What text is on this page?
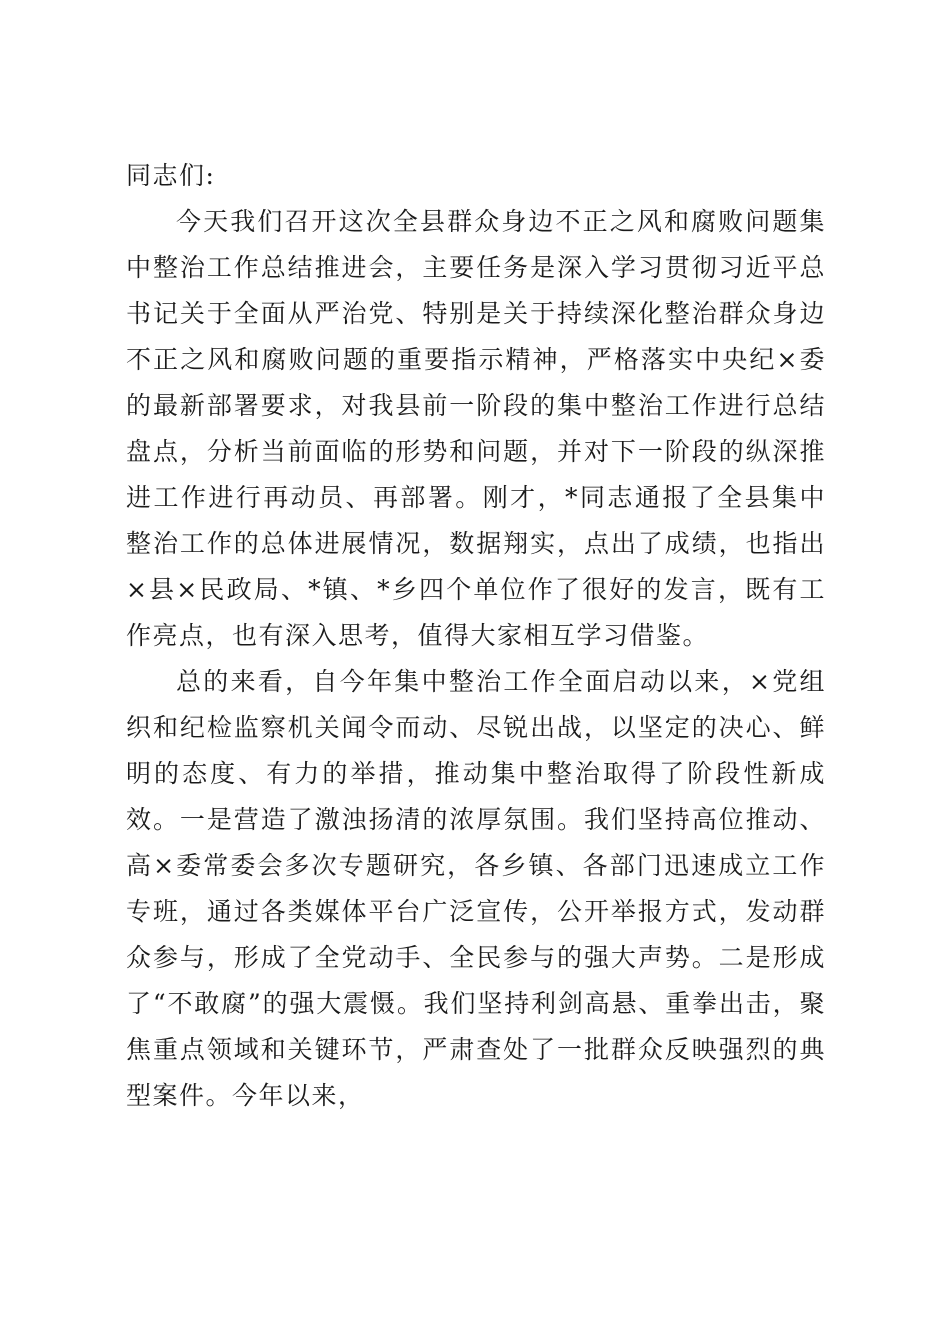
同志们:

今天我们召开这次全县群众身边不正之风和腐败问题集中整治工作总结推进会，主要任务是深入学习贯彻习近平总书记关于全面从严治党、特别是关于持续深化整治群众身边不正之风和腐败问题的重要指示精神，严格落实中央纪×委的最新部署要求，对我县前一阶段的集中整治工作进行总结盘点，分析当前面临的形势和问题，并对下一阶段的纵深推进工作进行再动员、再部署。刚才，*同志通报了全县集中整治工作的总体进展情况，数据翔实，点出了成绩，也指出×县×民政局、*镇、*乡四个单位作了很好的发言，既有工作亮点，也有深入思考，值得大家相互学习借鉴。

总的来看，自今年集中整治工作全面启动以来，×党组织和纪检监察机关闻令而动、尽锐出战，以坚定的决心、鲜明的态度、有力的举措，推动集中整治取得了阶段性新成效。一是营造了激浊扬清的浓厚氛围。我们坚持高位推动、高×委常委会多次专题研究，各乡镇、各部门迅速成立工作专班，通过各类媒体平台广泛宣传，公开举报方式，发动群众参与，形成了全党动手、全民参与的强大声势。二是形成了“不敢腐”的强大震慑。我们坚持利剑高悬、重拳出击，聚焦重点领域和关键环节，严肃查处了一批群众反映强烈的典型案件。今年以来，
